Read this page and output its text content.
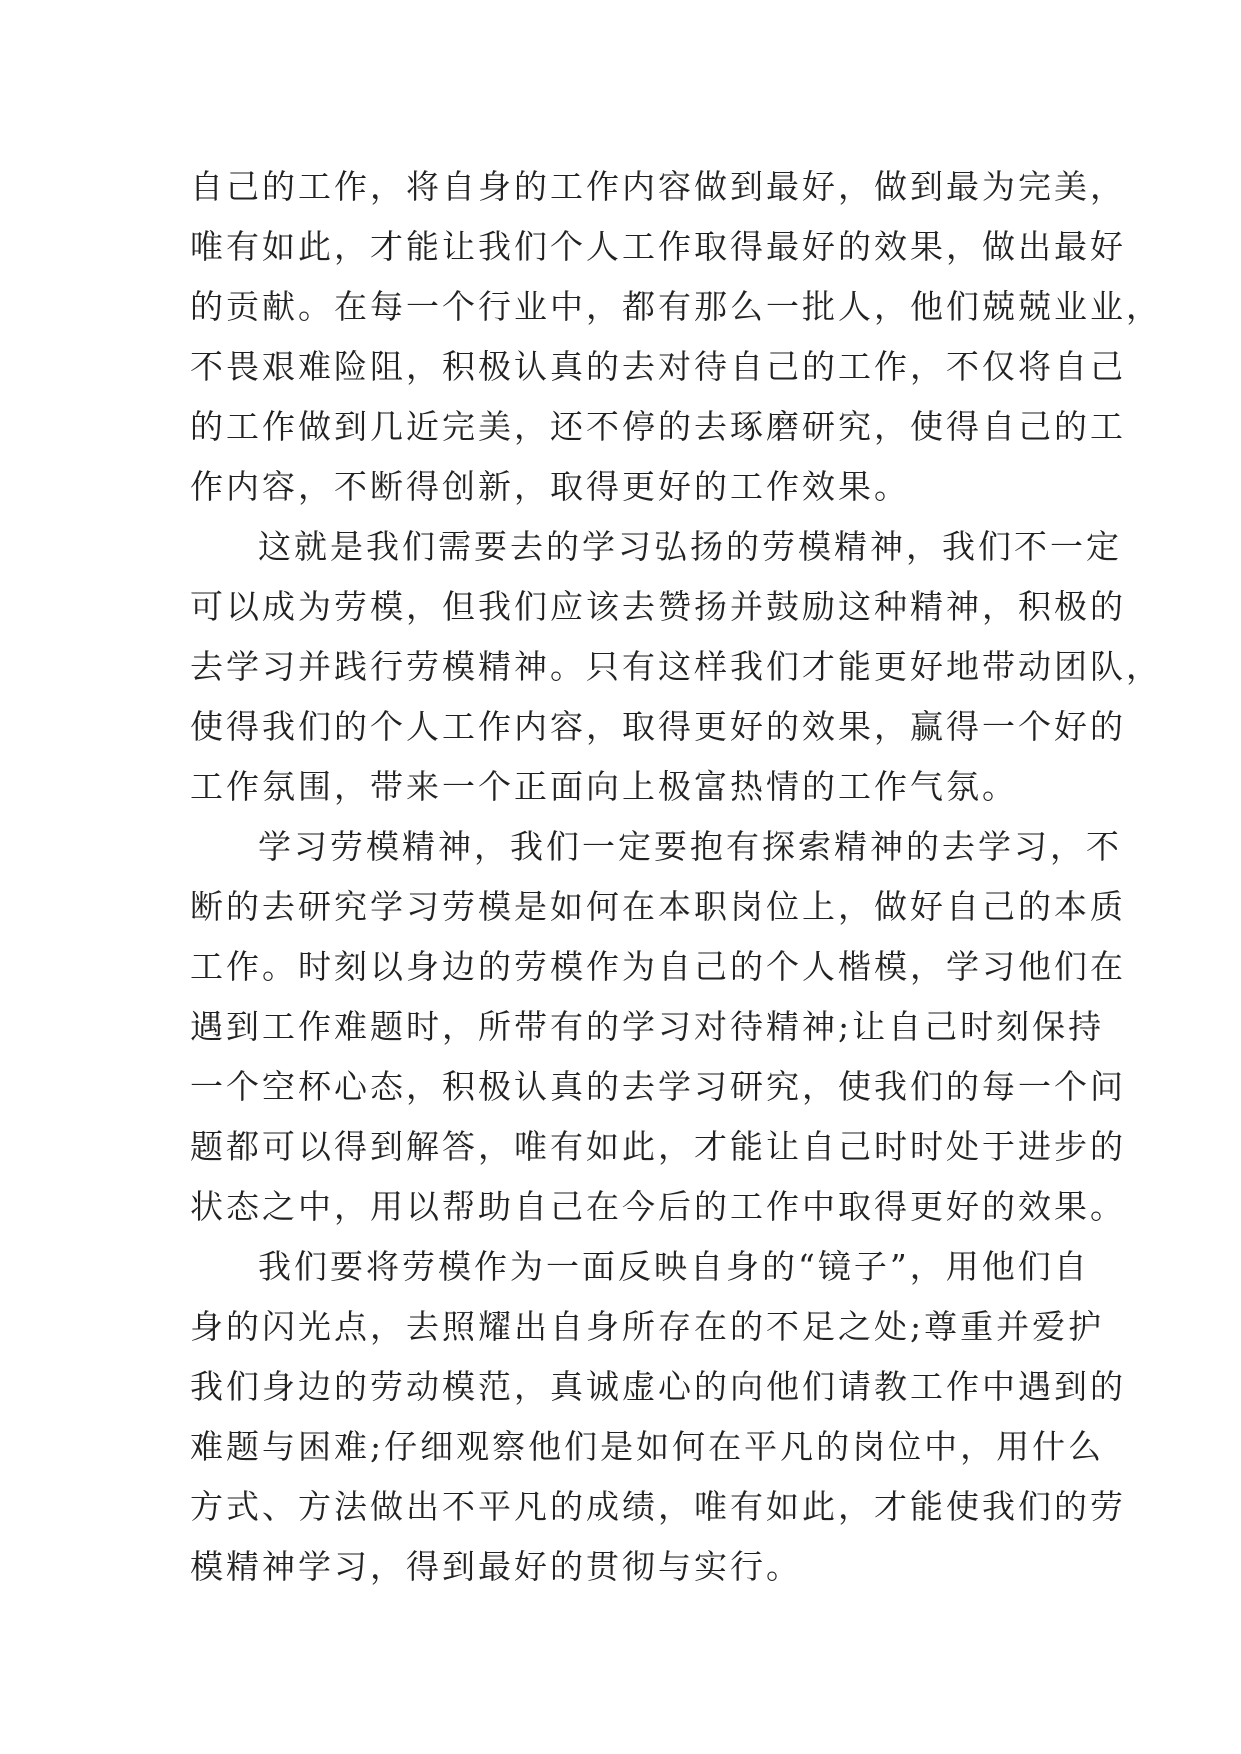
自己的工作，将自身的工作内容做到最好，做到最为完美，
唯有如此，才能让我们个人工作取得最好的效果，做出最好
的贡献。在每一个行业中，都有那么一批人，他们兢兢业业，
不畏艰难险阻，积极认真的去对待自己的工作，不仅将自己
的工作做到几近完美，还不停的去琢磨研究，使得自己的工
作内容，不断得创新，取得更好的工作效果。
这就是我们需要去的学习弘扬的劳模精神，我们不一定
可以成为劳模，但我们应该去赞扬并鼓励这种精神，积极的
去学习并践行劳模精神。只有这样我们才能更好地带动团队，
使得我们的个人工作内容，取得更好的效果，赢得一个好的
工作氛围，带来一个正面向上极富热情的工作气氛。
学习劳模精神，我们一定要抱有探索精神的去学习，不
断的去研究学习劳模是如何在本职岗位上，做好自己的本质
工作。时刻以身边的劳模作为自己的个人楷模，学习他们在
遇到工作难题时，所带有的学习对待精神;让自己时刻保持
一个空杯心态，积极认真的去学习研究，使我们的每一个问
题都可以得到解答，唯有如此，才能让自己时时处于进步的
状态之中，用以帮助自己在今后的工作中取得更好的效果。
我们要将劳模作为一面反映自身的“镜子”，用他们自
身的闪光点，去照耀出自身所存在的不足之处;尊重并爱护
我们身边的劳动模范，真诚虚心的向他们请教工作中遇到的
难题与困难;仔细观察他们是如何在平凡的岗位中，用什么
方式、方法做出不平凡的成绩，唯有如此，才能使我们的劳
模精神学习，得到最好的贯彻与实行。
